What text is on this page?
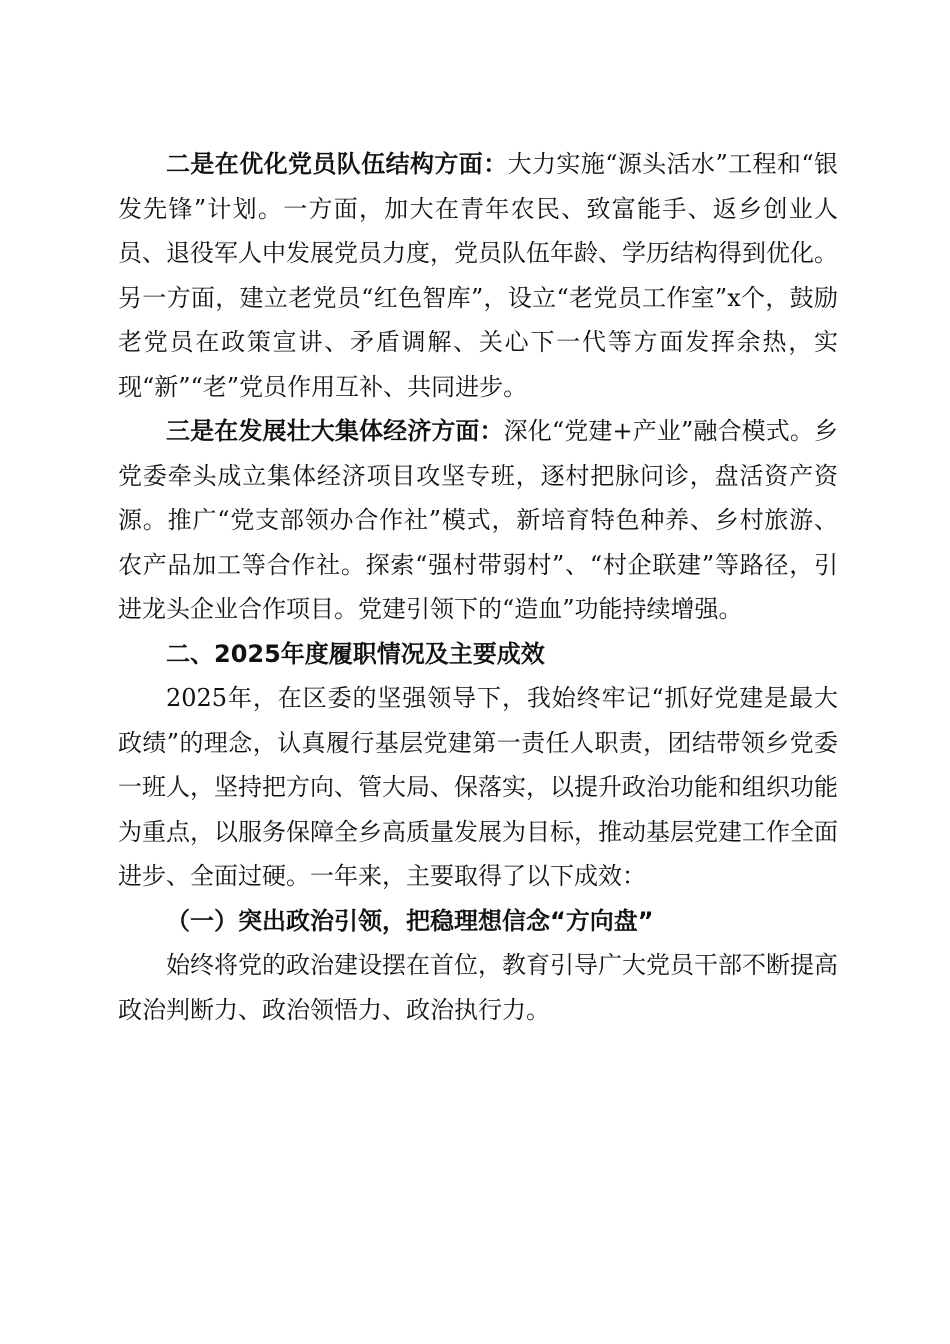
二是在优化党员队伍结构方面：大力实施“源头活水”工程和“银发先锋”计划。一方面，加大在青年农民、致富能手、返乡创业人员、退役军人中发展党员力度，党员队伍年龄、学历结构得到优化。另一方面，建立老党员“红色智库”，设立“老党员工作室”x个，鼓励老党员在政策宣讲、矛盾调解、关心下一代等方面发挥余热，实现“新”“老”党员作用互补、共同进步。

三是在发展壮大集体经济方面：深化“党建+产业”融合模式。乡党委牵头成立集体经济项目攻坚专班，逐村把脉问诊，盘活资产资源。推广“党支部领办合作社”模式，新培育特色种养、乡村旅游、农产品加工等合作社。探索“强村带弱村”、“村企联建”等路径，引进龙头企业合作项目。党建引领下的“造血”功能持续增强。

二、2025年度履职情况及主要成效

2025年，在区委的坚强领导下，我始终牢记“抓好党建是最大政绩”的理念，认真履行基层党建第一责任人职责，团结带领乡党委一班人，坚持把方向、管大局、保落实，以提升政治功能和组织功能为重点，以服务保障全乡高质量发展为目标，推动基层党建工作全面进步、全面过硬。一年来，主要取得了以下成效：

（一）突出政治引领，把稳理想信念“方向盘”

始终将党的政治建设摆在首位，教育引导广大党员干部不断提高政治判断力、政治领悟力、政治执行力。
